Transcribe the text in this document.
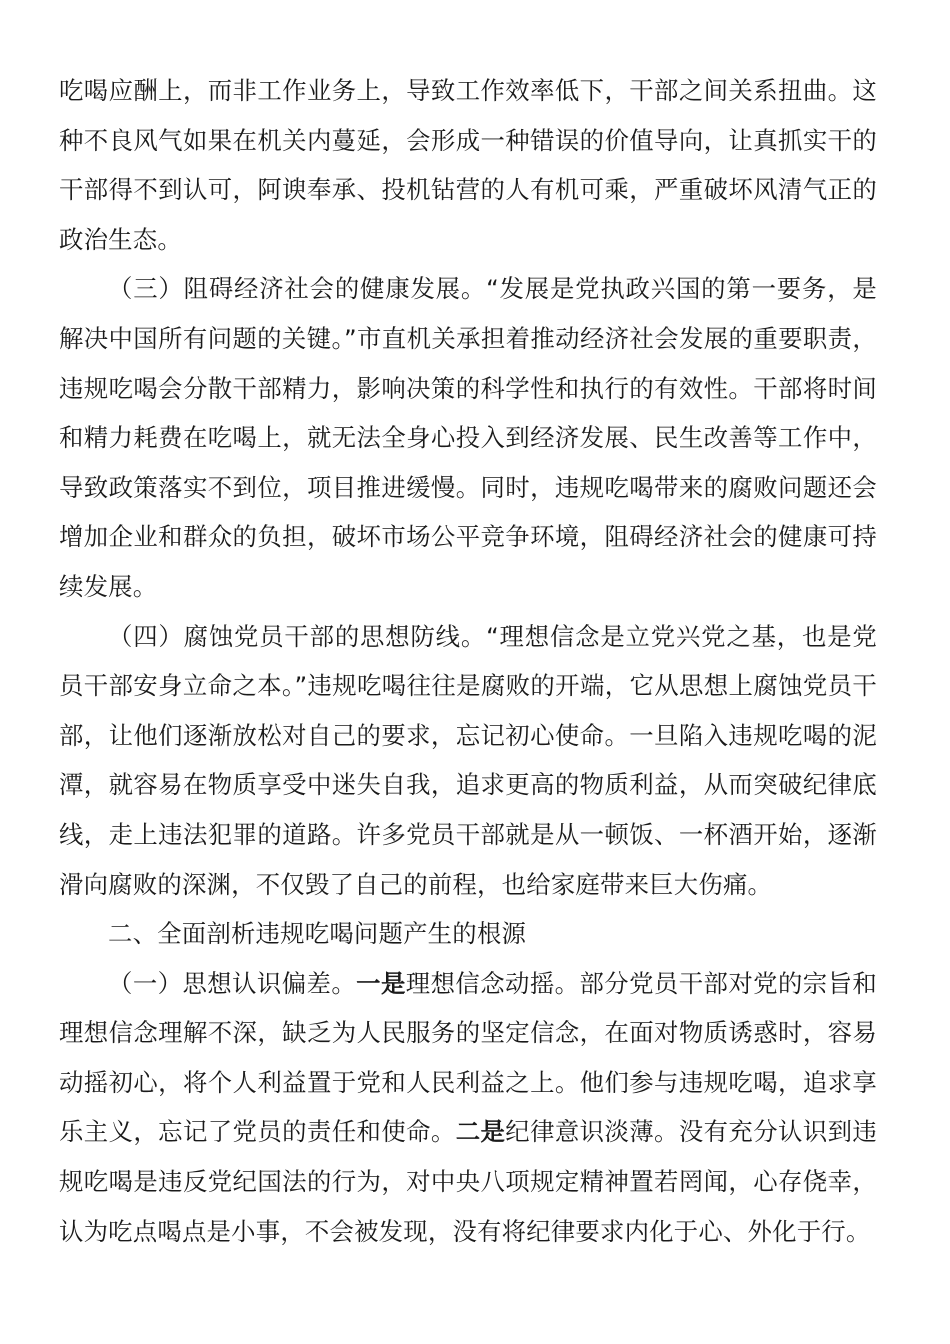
吃喝应酬上，而非工作业务上，导致工作效率低下，干部之间关系扭曲。这种不良风气如果在机关内蔓延，会形成一种错误的价值导向，让真抓实干的干部得不到认可，阿谀奉承、投机钻营的人有机可乘，严重破坏风清气正的政治生态。

（三）阻碍经济社会的健康发展。“发展是党执政兴国的第一要务，是解决中国所有问题的关键。”市直机关承担着推动经济社会发展的重要职责，违规吃喝会分散干部精力，影响决策的科学性和执行的有效性。干部将时间和精力耗费在吃喝上，就无法全身心投入到经济发展、民生改善等工作中，导致政策落实不到位，项目推进缓慢。同时，违规吃喝带来的腐败问题还会增加企业和群众的负担，破坏市场公平竞争环境，阻碍经济社会的健康可持续发展。

（四）腐蚀党员干部的思想防线。“理想信念是立党兴党之基，也是党员干部安身立命之本。”违规吃喝往往是腐败的开端，它从思想上腐蚀党员干部，让他们逐渐放松对自己的要求，忘记初心使命。一旦陷入违规吃喝的泥潭，就容易在物质享受中迷失自我，追求更高的物质利益，从而突破纪律底线，走上违法犯罪的道路。许多党员干部就是从一顿饭、一杯酒开始，逐渐滑向腐败的深渊，不仅毁了自己的前程，也给家庭带来巨大伤痛。

二、全面剖析违规吃喝问题产生的根源

（一）思想认识偏差。一是理想信念动摇。部分党员干部对党的宗旨和理想信念理解不深，缺乏为人民服务的坚定信念，在面对物质诱惑时，容易动摇初心，将个人利益置于党和人民利益之上。他们参与违规吃喝，追求享乐主义，忘记了党员的责任和使命。二是纪律意识淡薄。没有充分认识到违规吃喝是违反党纪国法的行为，对中央八项规定精神置若罔闻，心存侥幸，认为吃点喝点是小事，不会被发现，没有将纪律要求内化于心、外化于行。
